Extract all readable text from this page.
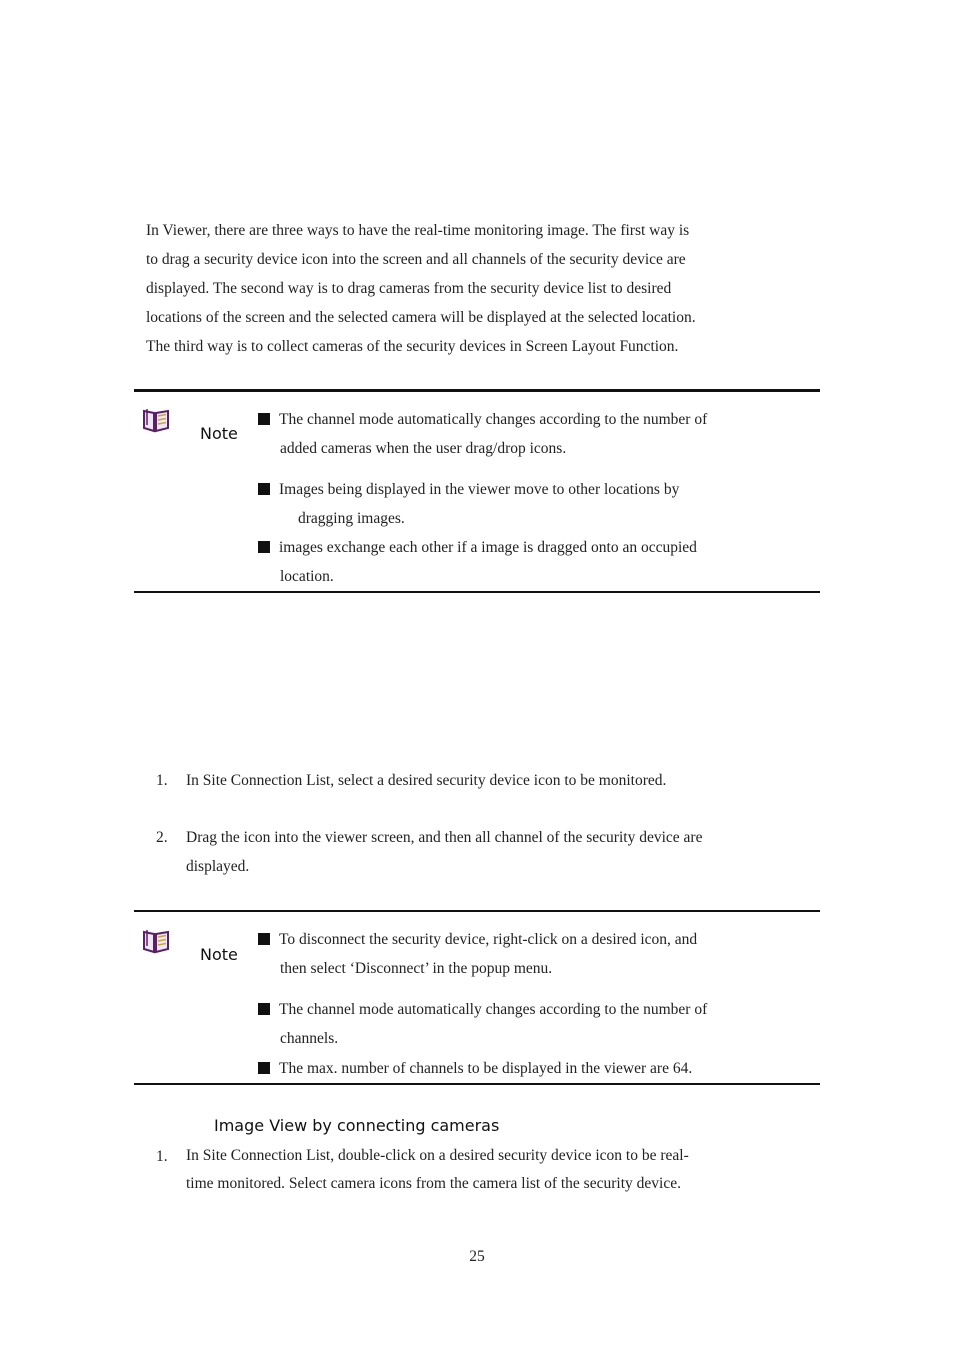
In Viewer, there are three ways to have the real-time monitoring image. The first way is
to drag a security device icon into the screen and all channels of the security device are
displayed. The second way is to drag cameras from the security device list to desired
locations of the screen and the selected camera will be displayed at the selected location.
The third way is to collect cameras of the security devices in Screen Layout Function.
Note
The channel mode automatically changes according to the number of
added cameras when the user drag/drop icons.
Images being displayed in the viewer move to other locations by
dragging images.
images exchange each other if a image is dragged onto an occupied
location.
1.	In Site Connection List, select a desired security device icon to be monitored.
2.	Drag the icon into the viewer screen, and then all channel of the security device are
displayed.
Note
To disconnect the security device, right-click on a desired icon, and
then select ‘Disconnect’ in the popup menu.
The channel mode automatically changes according to the number of
channels.
The max. number of channels to be displayed in the viewer are 64.
Image View by connecting cameras
1.	In Site Connection List, double-click on a desired security device icon to be real-
time monitored. Select camera icons from the camera list of the security device.
25
